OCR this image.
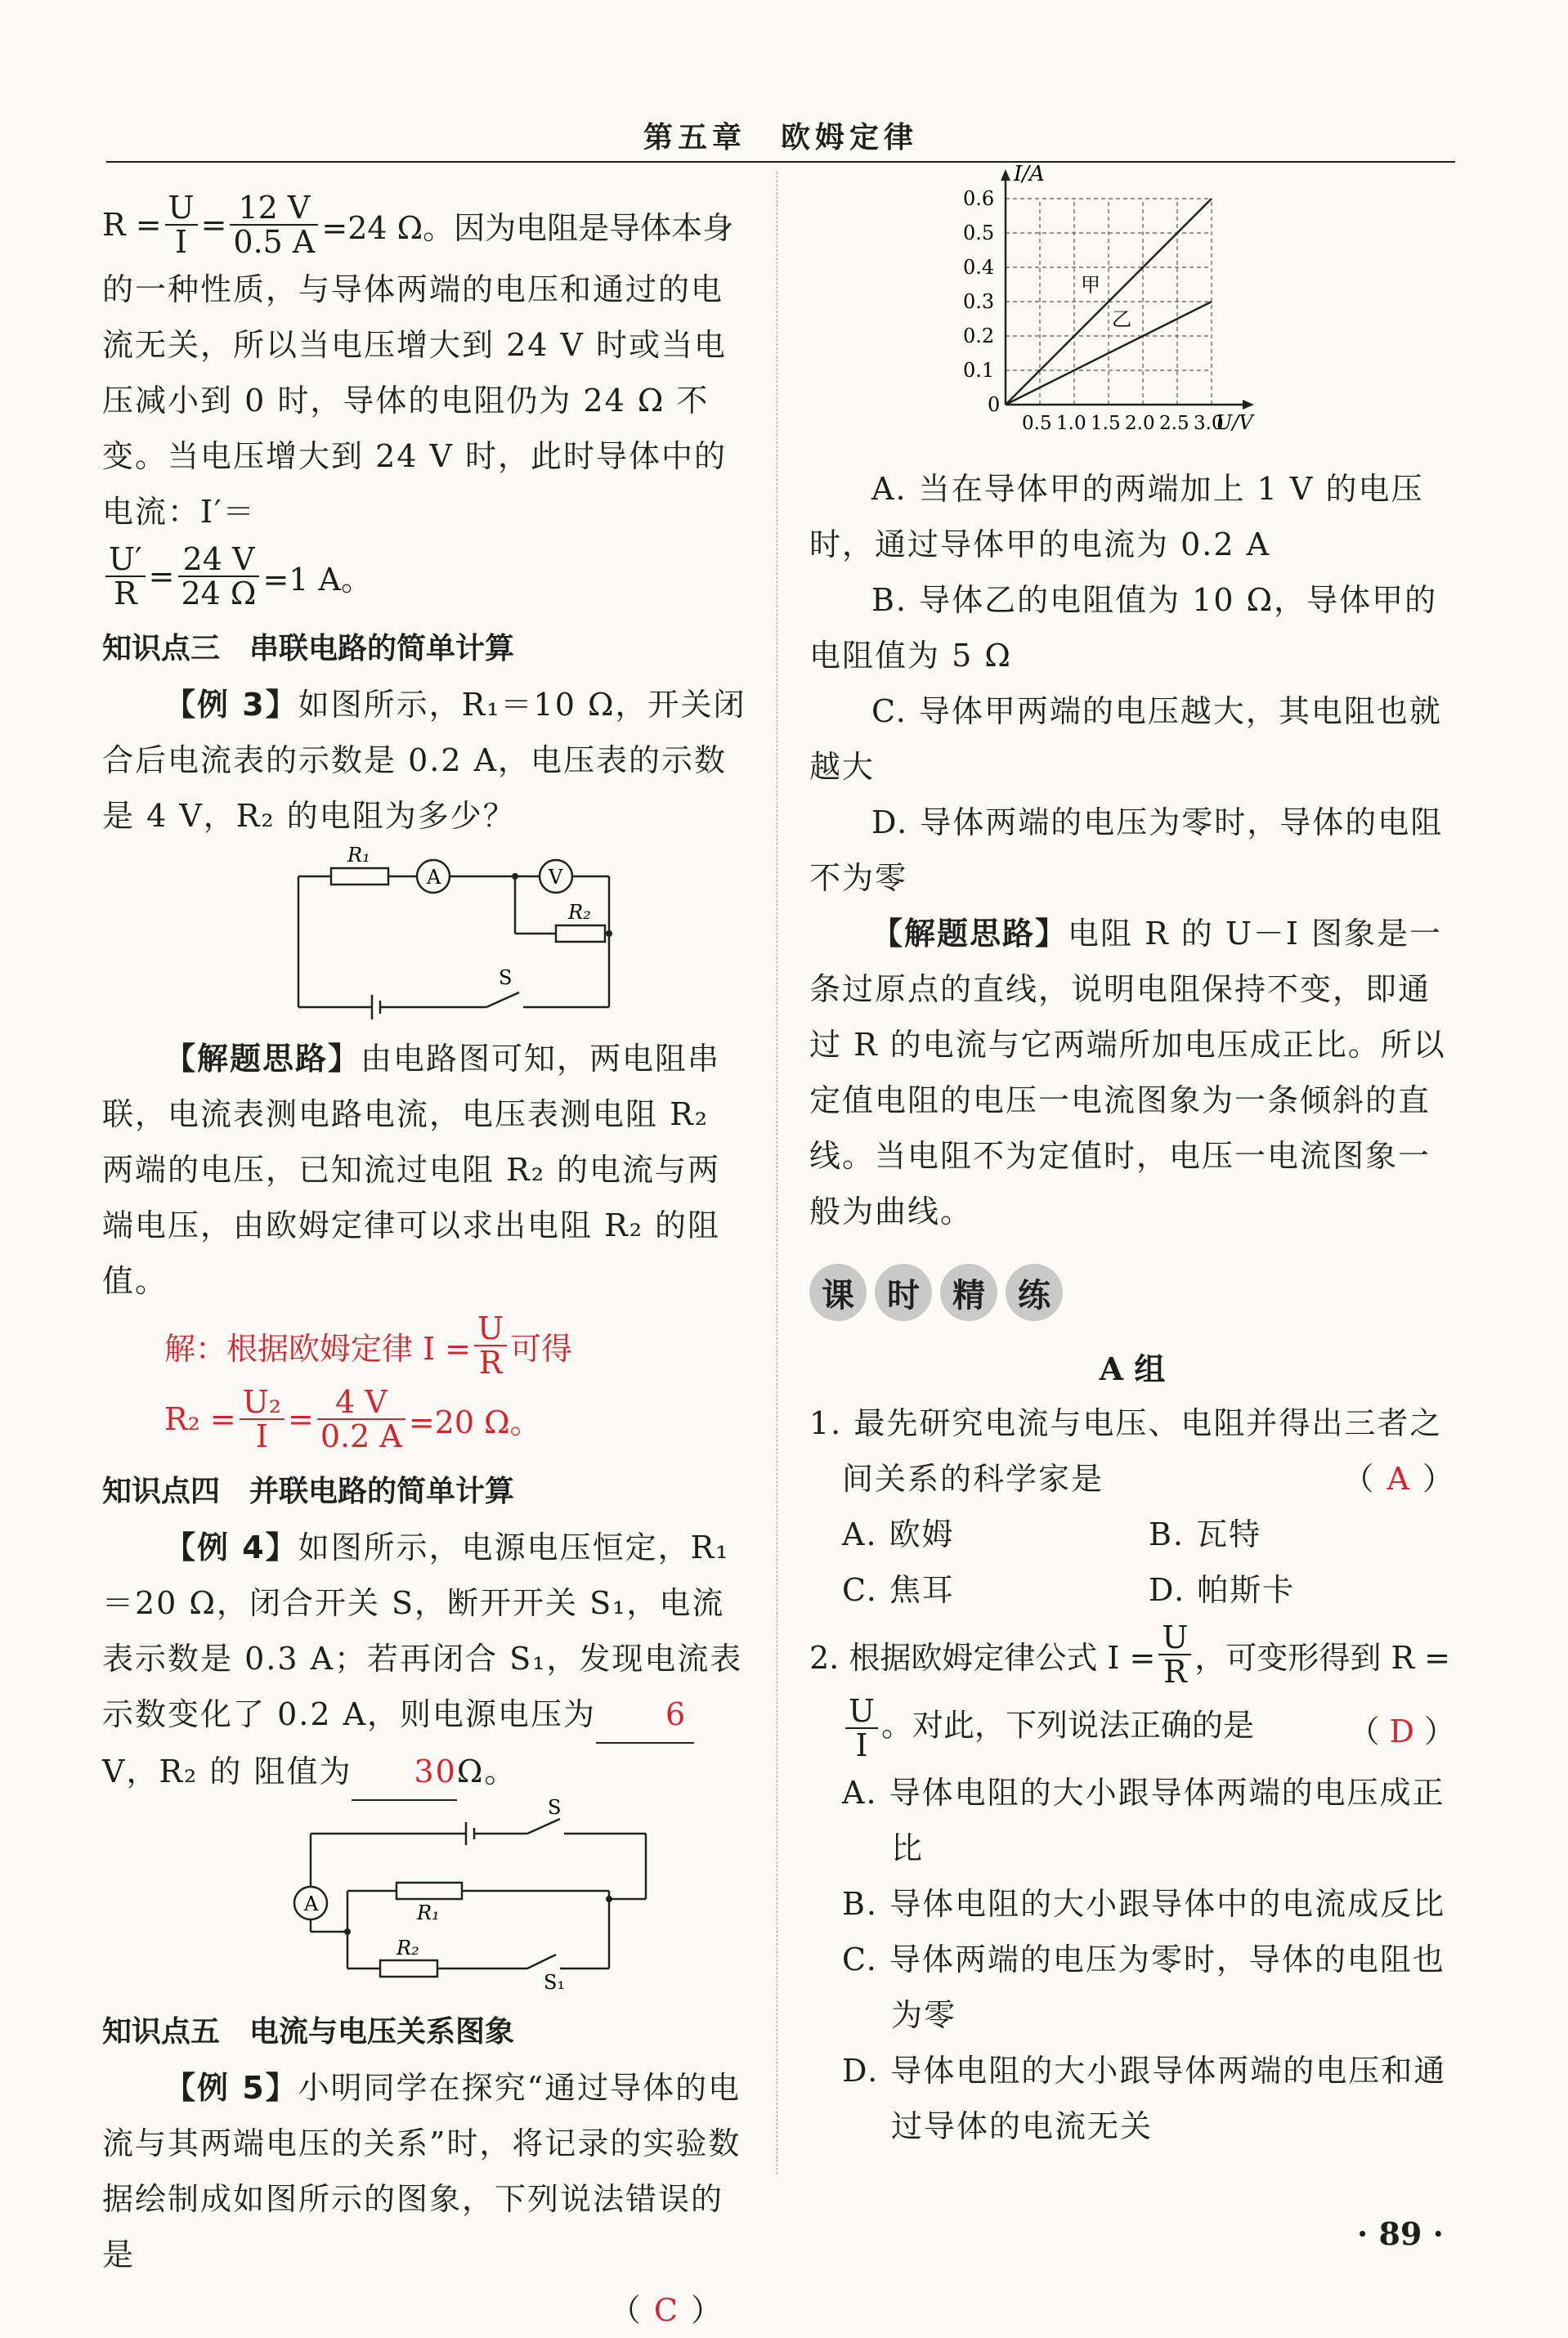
第五章　欧姆定律
$R = \frac{U}{I} = \frac{12 V}{0.5 A} =24$ Ω。因为电阻是导体本身

的一种性质，与导体两端的电压和通过的电流无关，所以当电压增大到 24 V 时或当电压减小到 0 时，导体的电阻仍为 24 Ω 不变。当电压增大到 24 V 时，此时导体中的电流：I′＝

$\frac{U'}{R} = \frac{24 V}{24 \Omega} =1$ A。
知识点三　串联电路的简单计算

【例 3】如图所示，R₁＝10 Ω，开关闭合后电流表的示数是 0.2 A，电压表的示数是 4 V，R₂ 的电阻为多少？

R₁
A	V
R₂
S

【解题思路】由电路图可知，两电阻串联，电流表测电路电流，电压表测电阻 R₂ 两端的电压，已知流过电阻 R₂ 的电流与两端电压，由欧姆定律可以求出电阻 R₂ 的阻值。

解：根据欧姆定律 $I = \frac{U}{R}$ 可得
$R_2 = \frac{\text{U₂}}{I} = \frac{4 V}{0.2 A} =20$ Ω。
知识点四　并联电路的简单计算

【例 4】如图所示，电源电压恒定，R₁＝20 Ω，闭合开关 S，断开开关 S₁，电流表示数是 0.3 A；若再闭合 S₁，发现电流表示数变化了 0.2 A，则电源电压为 6V，R₂ 的 阻值为 30Ω。

S
A	R₁
R₂
S₁
知识点五　电流与电压关系图象

【例 5】小明同学在探究“通过导体的电流与其两端电压的关系”时，将记录的实验数据绘制成如图所示的图象，下列说法错误的是

（ C ）

甲
乙
I/A
U/V
0
0.6
0.5
0.4
0.3
0.2
0.1
0.5 1.0 1.5 2.0 2.5 3.0

A. 当在导体甲的两端加上 1 V 的电压时，通过导体甲的电流为 0.2 A

B. 导体乙的电阻值为 10 Ω，导体甲的电阻值为 5 Ω

C. 导体甲两端的电压越大，其电阻也就越大

D. 导体两端的电压为零时，导体的电阻不为零

【解题思路】电阻 R 的 U－I 图象是一条过原点的直线，说明电阻保持不变，即通过 R 的电流与它两端所加电压成正比。所以定值电阻的电压一电流图象为一条倾斜的直线。当电阻不为定值时，电压一电流图象一般为曲线。

课	时	精	练
A 组

1. 最先研究电流与电压、电阻并得出三者之间关系的科学家是	（ A ）

A. 欧姆	B. 瓦特

C. 焦耳	D. 帕斯卡

2. 根据欧姆定律公式 $I = \frac{U}{R}$ ，可变形得到 R =
$\frac{U}{I}$ 。对此，下列说法正确的是	（ D ）

A. 导体电阻的大小跟导体两端的电压成正比

B. 导体电阻的大小跟导体中的电流成反比

C. 导体两端的电压为零时，导体的电阻也为零

D. 导体电阻的大小跟导体两端的电压和通过导体的电流无关

· 89 ·
